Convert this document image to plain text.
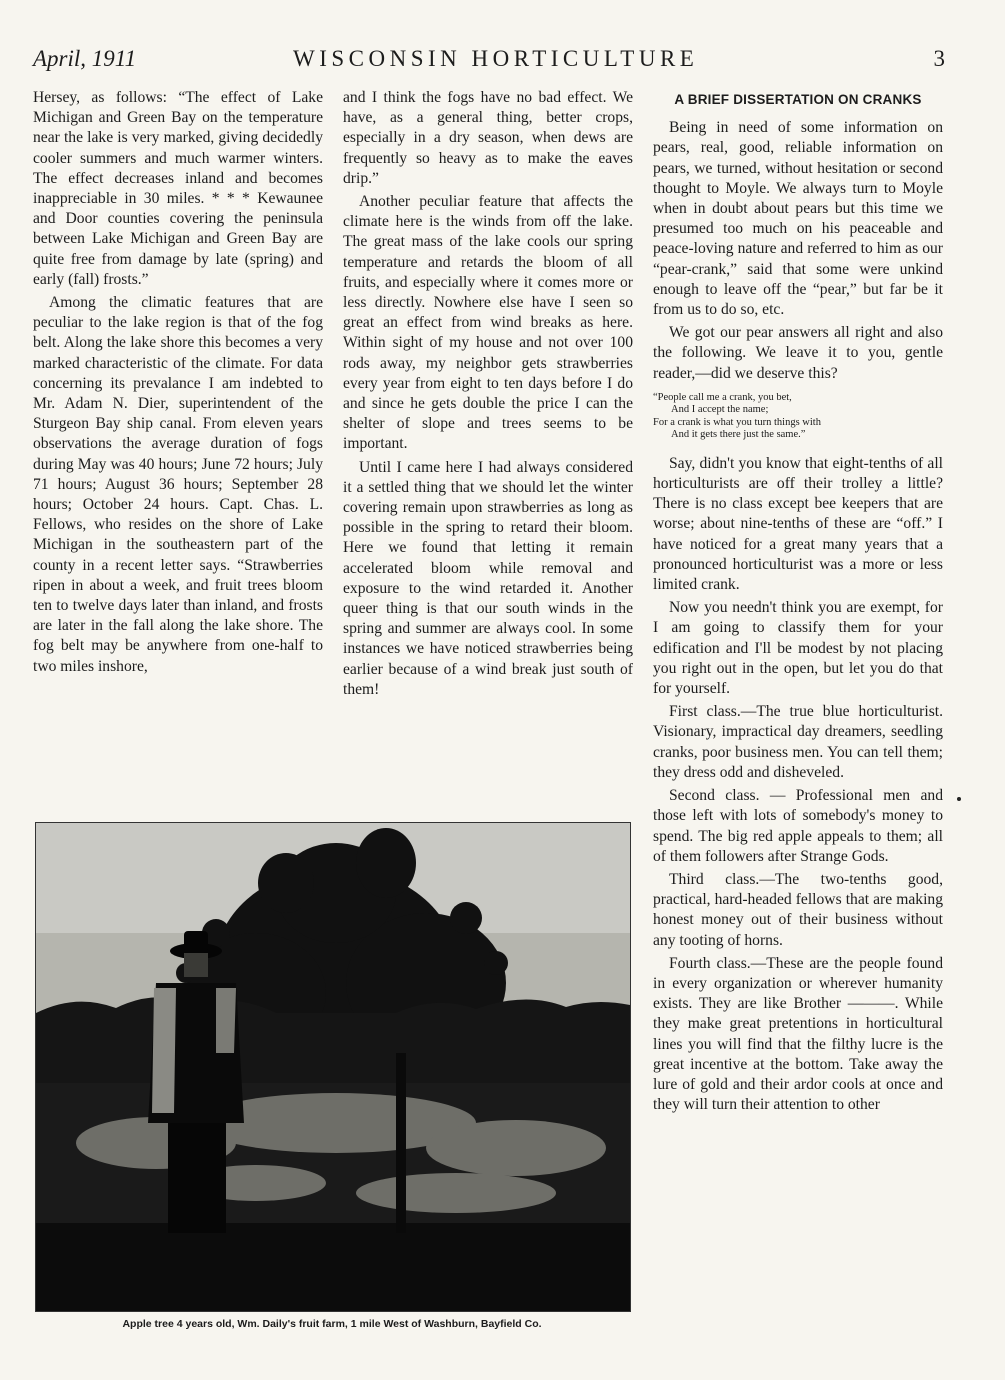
April, 1911	WISCONSIN HORTICULTURE	3

Hersey, as follows: “The effect of Lake Michigan and Green Bay on the temperature near the lake is very marked, giving decidedly cooler summers and much warmer winters. The effect decreases inland and becomes inappreciable in 30 miles. * * * Kewaunee and Door counties covering the peninsula between Lake Michigan and Green Bay are quite free from damage by late (spring) and early (fall) frosts.”

Among the climatic features that are peculiar to the lake region is that of the fog belt. Along the lake shore this becomes a very marked characteristic of the climate. For data concerning its prevalance I am indebted to Mr. Adam N. Dier, superintendent of the Sturgeon Bay ship canal. From eleven years observations the average duration of fogs during May was 40 hours; June 72 hours; July 71 hours; August 36 hours; September 28 hours; October 24 hours. Capt. Chas. L. Fellows, who resides on the shore of Lake Michigan in the southeastern part of the county in a recent letter says. “Strawberries ripen in about a week, and fruit trees bloom ten to twelve days later than inland, and frosts are later in the fall along the lake shore. The fog belt may be anywhere from one-half to two miles inshore,

and I think the fogs have no bad effect. We have, as a general thing, better crops, especially in a dry season, when dews are frequently so heavy as to make the eaves drip.”

Another peculiar feature that affects the climate here is the winds from off the lake. The great mass of the lake cools our spring temperature and retards the bloom of all fruits, and especially where it comes more or less directly. Nowhere else have I seen so great an effect from wind breaks as here. Within sight of my house and not over 100 rods away, my neighbor gets strawberries every year from eight to ten days before I do and since he gets double the price I can the shelter of slope and trees seems to be important.

Until I came here I had always considered it a settled thing that we should let the winter covering remain upon strawberries as long as possible in the spring to retard their bloom. Here we found that letting it remain accelerated bloom while removal and exposure to the wind retarded it. Another queer thing is that our south winds in the spring and summer are always cool. In some instances we have noticed strawberries being earlier because of a wind break just south of them!

A BRIEF DISSERTATION ON CRANKS

Being in need of some information on pears, real, good, reliable information on pears, we turned, without hesitation or second thought to Moyle. We always turn to Moyle when in doubt about pears but this time we presumed too much on his peaceable and peace-loving nature and referred to him as our “pear-crank,” said that some were unkind enough to leave off the “pear,” but far be it from us to do so, etc.

We got our pear answers all right and also the following. We leave it to you, gentle reader,—did we deserve this?

“People call me a crank, you bet,
And I accept the name;
For a crank is what you turn things with
And it gets there just the same.”

Say, didn't you know that eight-tenths of all horticulturists are off their trolley a little? There is no class except bee keepers that are worse; about nine-tenths of these are “off.” I have noticed for a great many years that a pronounced horticulturist was a more or less limited crank.

Now you needn't think you are exempt, for I am going to classify them for your edification and I'll be modest by not placing you right out in the open, but let you do that for yourself.

First class.—The true blue horticulturist. Visionary, impractical day dreamers, seedling cranks, poor business men. You can tell them; they dress odd and disheveled.

Second class. — Professional men and those left with lots of somebody's money to spend. The big red apple appeals to them; all of them followers after Strange Gods.

Third class.—The two-tenths good, practical, hard-headed fellows that are making honest money out of their business without any tooting of horns.

Fourth class.—These are the people found in every organization or wherever humanity exists. They are like Brother ———. While they make great pretentions in horticultural lines you will find that the filthy lucre is the great incentive at the bottom. Take away the lure of gold and their ardor cools at once and they will turn their attention to other

Apple tree 4 years old, Wm. Daily's fruit farm, 1 mile West of Washburn, Bayfield Co.
